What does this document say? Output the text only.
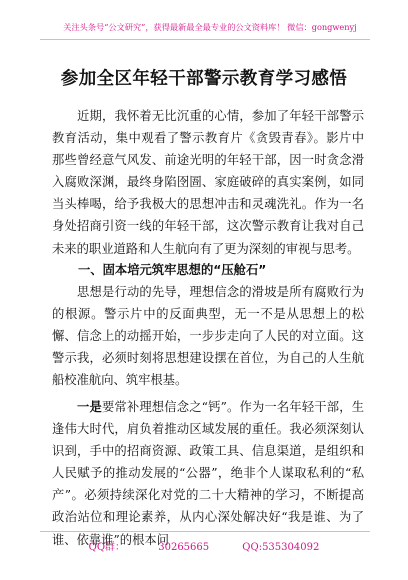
关注头条号“公文研究”，获得最新最全最专业的公文资料库！ 微信：gongwenyj
参加全区年轻干部警示教育学习感悟
近期，我怀着无比沉重的心情，参加了年轻干部警示教育活动，集中观看了警示教育片《贪毁青春》。影片中那些曾经意气风发、前途光明的年轻干部，因一时贪念滑入腐败深渊，最终身陷囹圄、家庭破碎的真实案例，如同当头棒喝，给予我极大的思想冲击和灵魂洗礼。作为一名身处招商引资一线的年轻干部，这次警示教育让我对自己未来的职业道路和人生航向有了更为深刻的审视与思考。
一、固本培元筑牢思想的“压舱石”
思想是行动的先导，理想信念的滑坡是所有腐败行为的根源。警示片中的反面典型，无一不是从思想上的松懈、信念上的动摇开始，一步步走向了人民的对立面。这警示我，必须时刻将思想建设摆在首位，为自己的人生航船校准航向、筑牢根基。
一是要常补理想信念之“钙”。作为一名年轻干部，生逢伟大时代，肩负着推动区域发展的重任。我必须深刻认识到，手中的招商资源、政策工具、信息渠道，是组织和人民赋予的推动发展的“公器”，绝非个人谋取私利的“私产”。必须持续深化对党的二十大精神的学习，不断提高政治站位和理论素养，从内心深处解决好“我是谁、为了谁、依靠谁”的根本问
QQ群： 30265665 QQ:535304092
